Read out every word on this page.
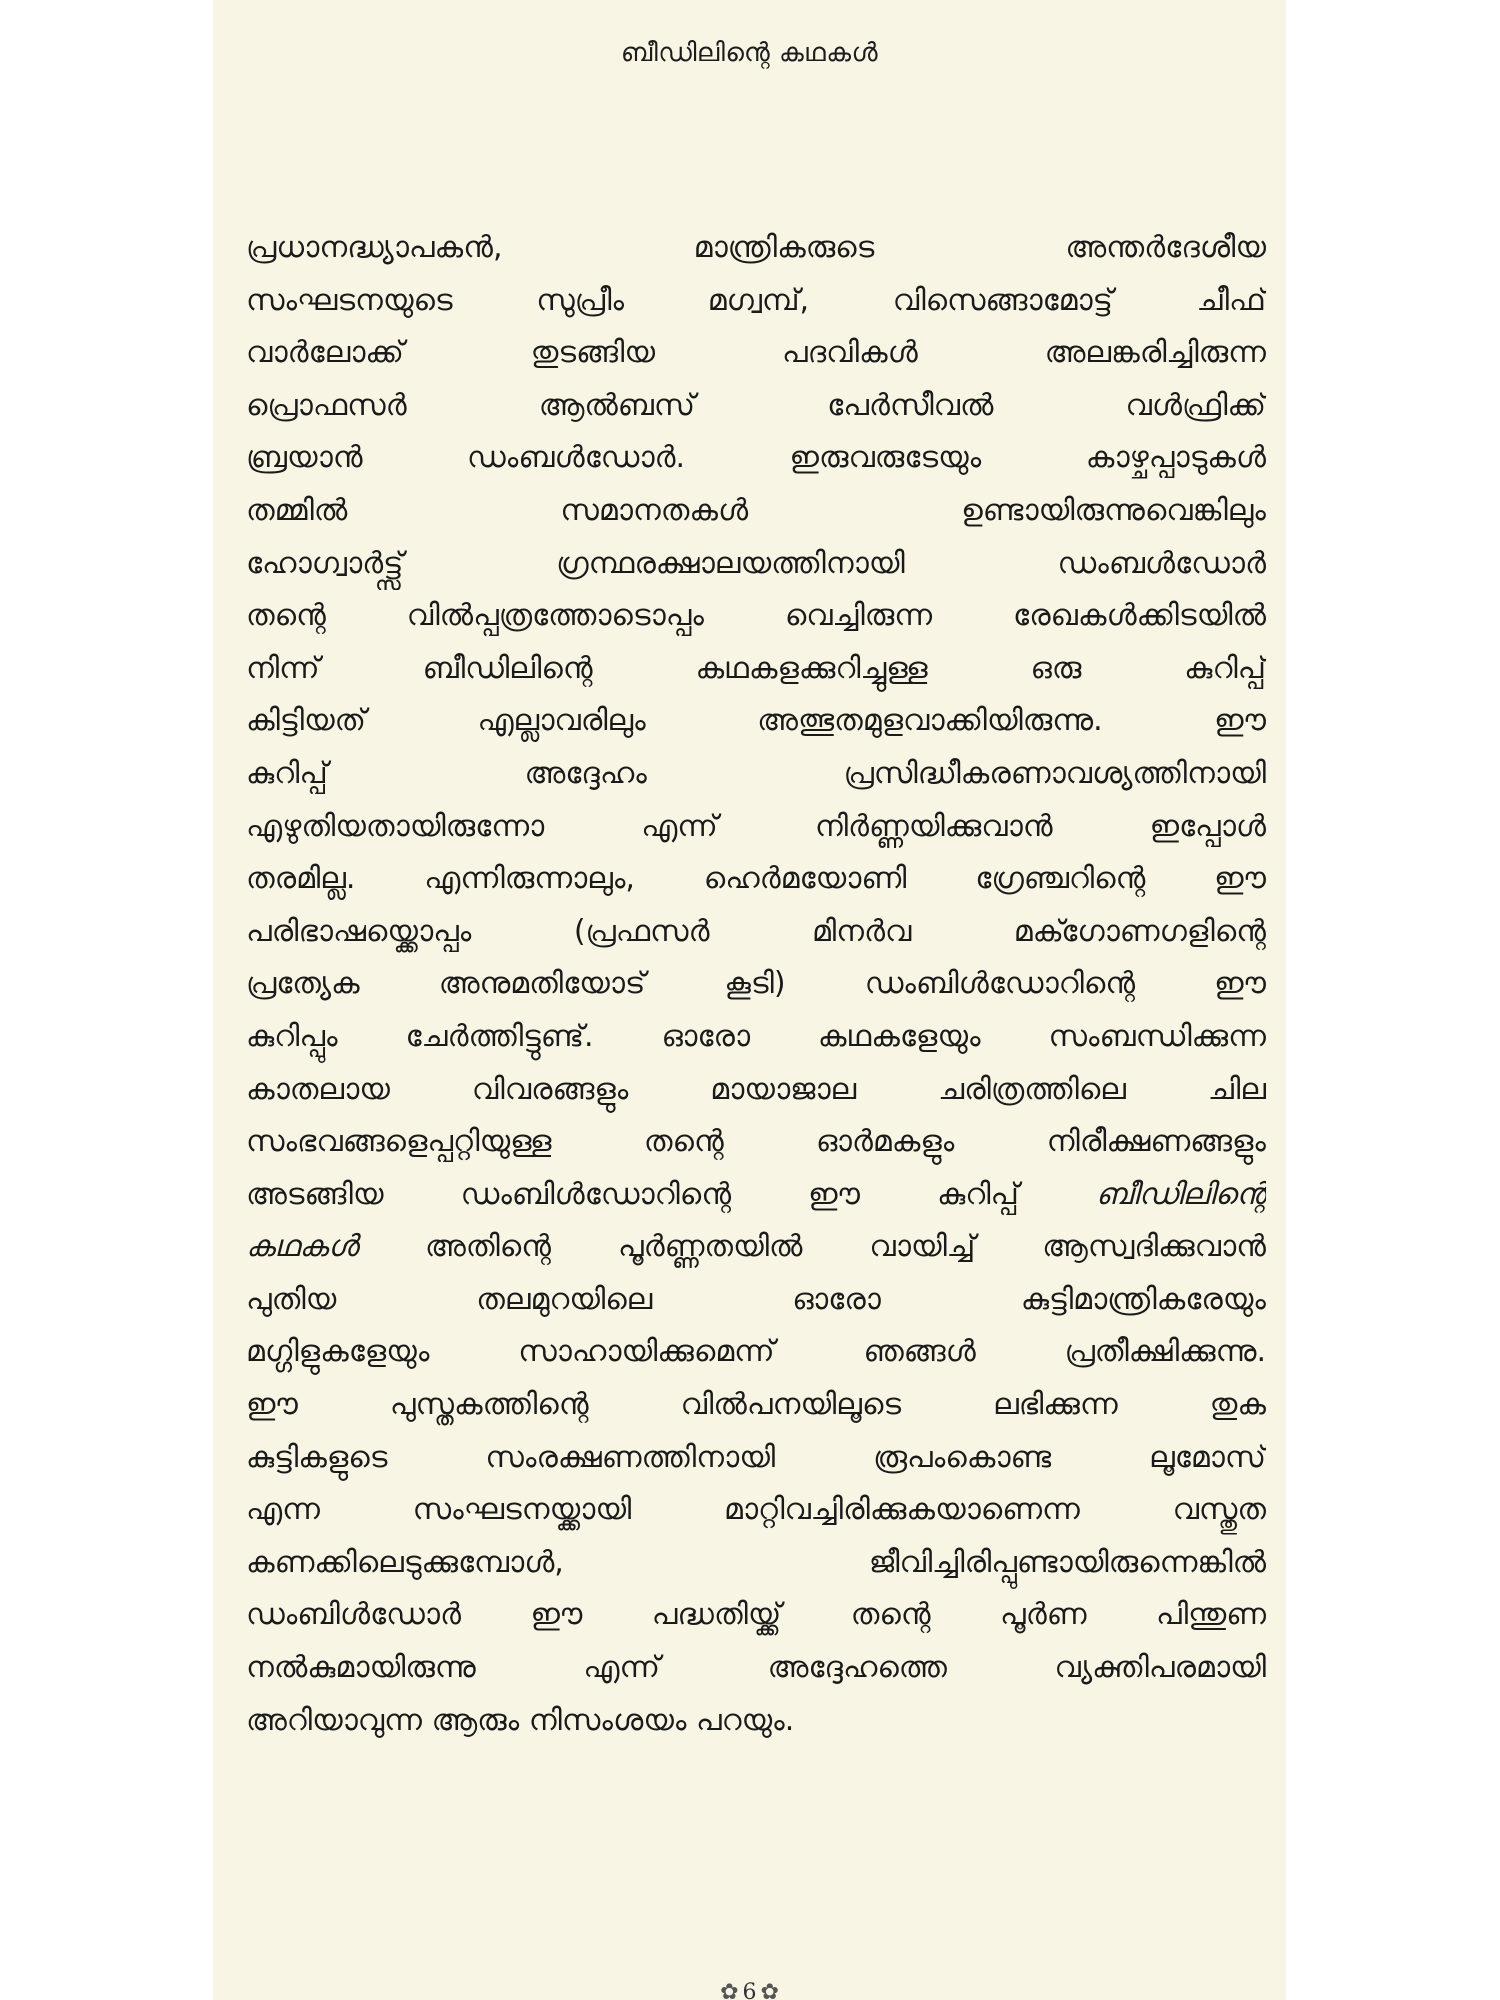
ബീഡിലിന്റെ കഥകൾ
പ്രധാനദ്ധ്യാപകൻ, മാന്ത്രികരുടെ അന്തർദേശീയ
സംഘടനയുടെ സുപ്രീം മഗ്വമ്പ്, വിസെങ്ങാമോട്ട് ചീഫ്
വാർലോക്ക് തുടങ്ങിയ പദവികൾ അലങ്കരിച്ചിരുന്ന
പ്രൊഫസർ ആൽബസ് പേർസീവൽ വൾഫ്രിക്ക്
ബ്രയാൻ ഡംബൾഡോർ. ഇരുവരുടേയും കാഴ്ചപ്പാടുകൾ
തമ്മിൽ സമാനതകൾ ഉണ്ടായിരുന്നുവെങ്കിലും
ഹോഗ്വാർട്ട്സ് ഗ്രന്ഥരക്ഷാലയത്തിനായി ഡംബൾഡോർ
തന്റെ വിൽപ്പത്രത്തോടൊപ്പം വെച്ചിരുന്ന രേഖകൾക്കിടയിൽ
നിന്ന് ബീഡിലിന്റെ കഥകളക്കുറിച്ചുള്ള ഒരു കുറിപ്പ്
കിട്ടിയത് എല്ലാവരിലും അത്ഭുതമുളവാക്കിയിരുന്നു. ഈ
കുറിപ്പ് അദ്ദേഹം പ്രസിദ്ധീകരണാവശ്യത്തിനായി
എഴുതിയതായിരുന്നോ എന്ന് നിർണ്ണയിക്കുവാൻ ഇപ്പോൾ
തരമില്ല. എന്നിരുന്നാലും, ഹെർമയോണി ഗ്രേഞ്ചറിന്റെ ഈ
പരിഭാഷയ്ക്കൊപ്പം (പ്രഫസർ മിനർവ മക്ഗോണഗളിന്റെ
പ്രത്യേക അനുമതിയോട് കൂടി) ഡംബിൾഡോറിന്റെ ഈ
കുറിപ്പും ചേർത്തിട്ടുണ്ട്. ഓരോ കഥകളേയും സംബന്ധിക്കുന്ന
കാതലായ വിവരങ്ങളും മായാജാല ചരിത്രത്തിലെ ചില
സംഭവങ്ങളെപ്പറ്റിയുള്ള തന്റെ ഓർമകളും നിരീക്ഷണങ്ങളും
അടങ്ങിയ ഡംബിൾഡോറിന്റെ ഈ കുറിപ്പ്	ബീഡിലിന്റെ
കഥകൾ അതിന്റെ പൂർണ്ണതയിൽ വായിച്ച് ആസ്വദിക്കുവാൻ
പുതിയ തലമുറയിലെ ഓരോ കുട്ടിമാന്ത്രികരേയും
മഗ്ഗിളുകളേയും സാഹായിക്കുമെന്ന് ഞങ്ങൾ പ്രതീക്ഷിക്കുന്നു.
ഈ പുസ്തകത്തിന്റെ വിൽപനയിലൂടെ ലഭിക്കുന്ന തുക
കുട്ടികളുടെ സംരക്ഷണത്തിനായി രൂപംകൊണ്ട ലൂമോസ്
എന്ന സംഘടനയ്ക്കായി മാറ്റിവച്ചിരിക്കുകയാണെന്ന വസ്തുത
കണക്കിലെടുക്കുമ്പോൾ, ജീവിച്ചിരിപ്പുണ്ടായിരുന്നെങ്കിൽ
ഡംബിൾഡോർ ഈ പദ്ധതിയ്ക്ക് തന്റെ പൂർണ പിന്തുണ
നൽകുമായിരുന്നു എന്ന് അദ്ദേഹത്തെ വ്യക്തിപരമായി
അറിയാവുന്ന ആരും നിസംശയം പറയും.
✿ 6 ✿
